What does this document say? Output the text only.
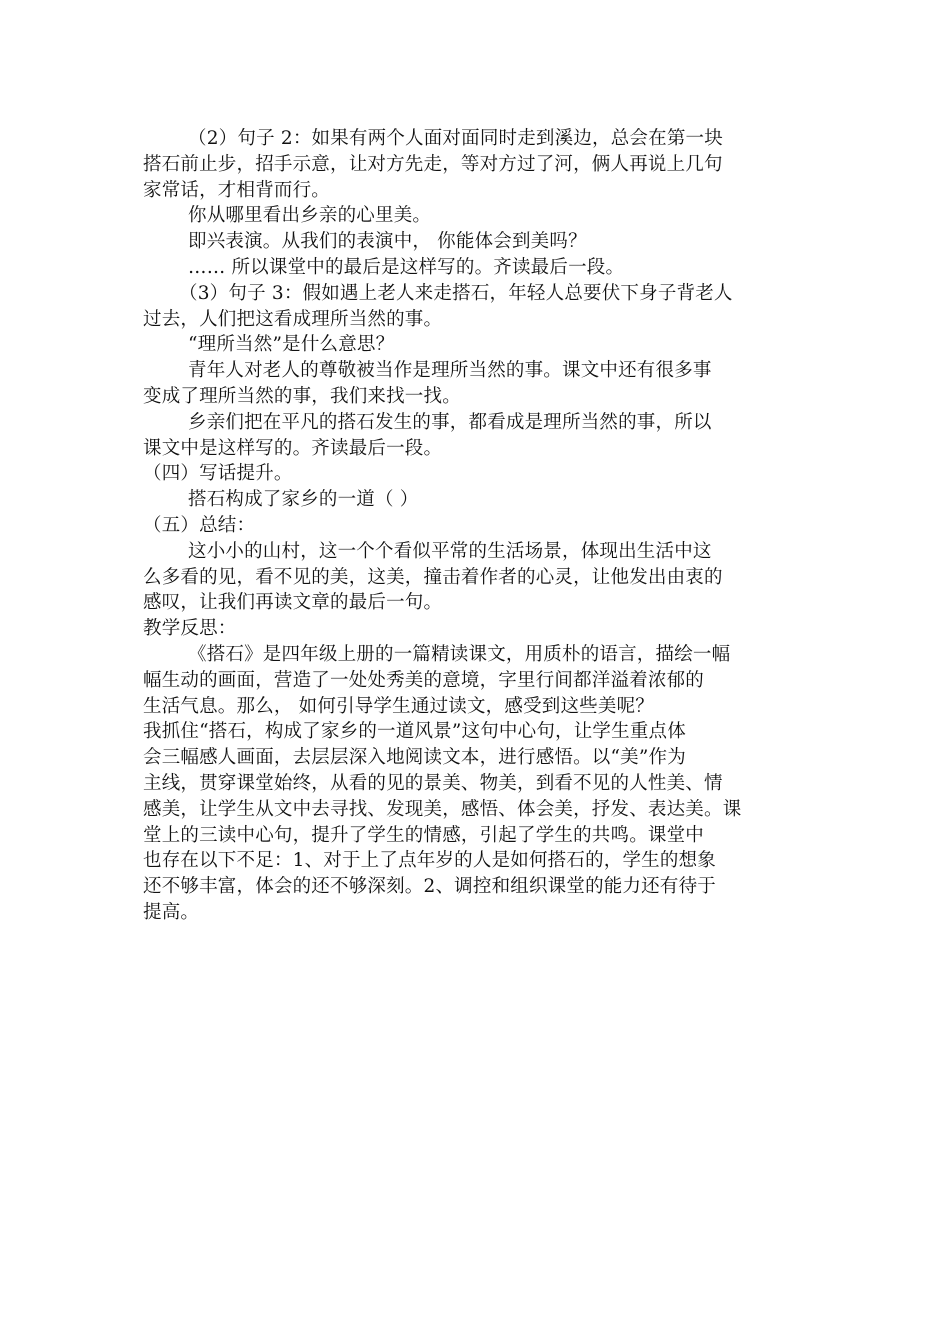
（2）句子 2：如果有两个人面对面同时走到溪边，总会在第一块
搭石前止步，招手示意，让对方先走，等对方过了河，俩人再说上几句
家常话，才相背而行。
你从哪里看出乡亲的心里美。
即兴表演。从我们的表演中， 你能体会到美吗？
…… 所以课堂中的最后是这样写的。齐读最后一段。
（3）句子 3：假如遇上老人来走搭石，年轻人总要伏下身子背老人
过去，人们把这看成理所当然的事。
“理所当然”是什么意思？
青年人对老人的尊敬被当作是理所当然的事。课文中还有很多事
变成了理所当然的事，我们来找一找。
乡亲们把在平凡的搭石发生的事，都看成是理所当然的事，所以
课文中是这样写的。齐读最后一段。
（四）写话提升。
搭石构成了家乡的一道（ ）
（五）总结：
这小小的山村，这一个个看似平常的生活场景，体现出生活中这
么多看的见，看不见的美，这美，撞击着作者的心灵，让他发出由衷的
感叹，让我们再读文章的最后一句。
教学反思：
《搭石》是四年级上册的一篇精读课文，用质朴的语言，描绘一幅
幅生动的画面，营造了一处处秀美的意境，字里行间都洋溢着浓郁的
生活气息。那么， 如何引导学生通过读文，感受到这些美呢？
我抓住“搭石，构成了家乡的一道风景”这句中心句，让学生重点体
会三幅感人画面，去层层深入地阅读文本，进行感悟。以“美”作为
主线，贯穿课堂始终，从看的见的景美、物美，到看不见的人性美、情
感美，让学生从文中去寻找、发现美，感悟、体会美，抒发、表达美。课
堂上的三读中心句，提升了学生的情感，引起了学生的共鸣。课堂中
也存在以下不足：1、对于上了点年岁的人是如何搭石的，学生的想象
还不够丰富，体会的还不够深刻。2、调控和组织课堂的能力还有待于
提高。
